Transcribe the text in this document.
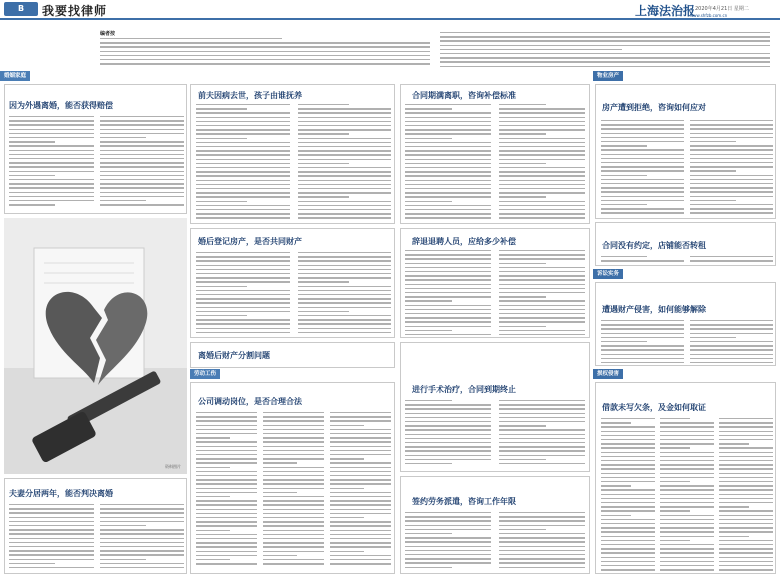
B	我要找律师	上海法治报 2020年4月21日 星期二
www.shfzb.com.cn
编者按
婚姻家庭
劳动工伤
物业房产
诉讼实务
损权侵害
因为外遇离婚，能否获得赔偿
前夫因病去世，孩子由谁抚养
婚后登记房产，是否共同财产
离婚后财产分割问题
夫妻分居两年，能否判决离婚
合同期满离职，咨询补偿标准
辞退退聘人员，应给多少补偿
进行手术治疗，合同到期终止
签约劳务派遣，咨询工作年限
房产遭到拒绝，咨询如何应对
合同没有约定，店铺能否转租
遭遇财产侵害，如何能够解除
借款未写欠条，及金如何取证
公司调动岗位，是否合理合法
资料图片
